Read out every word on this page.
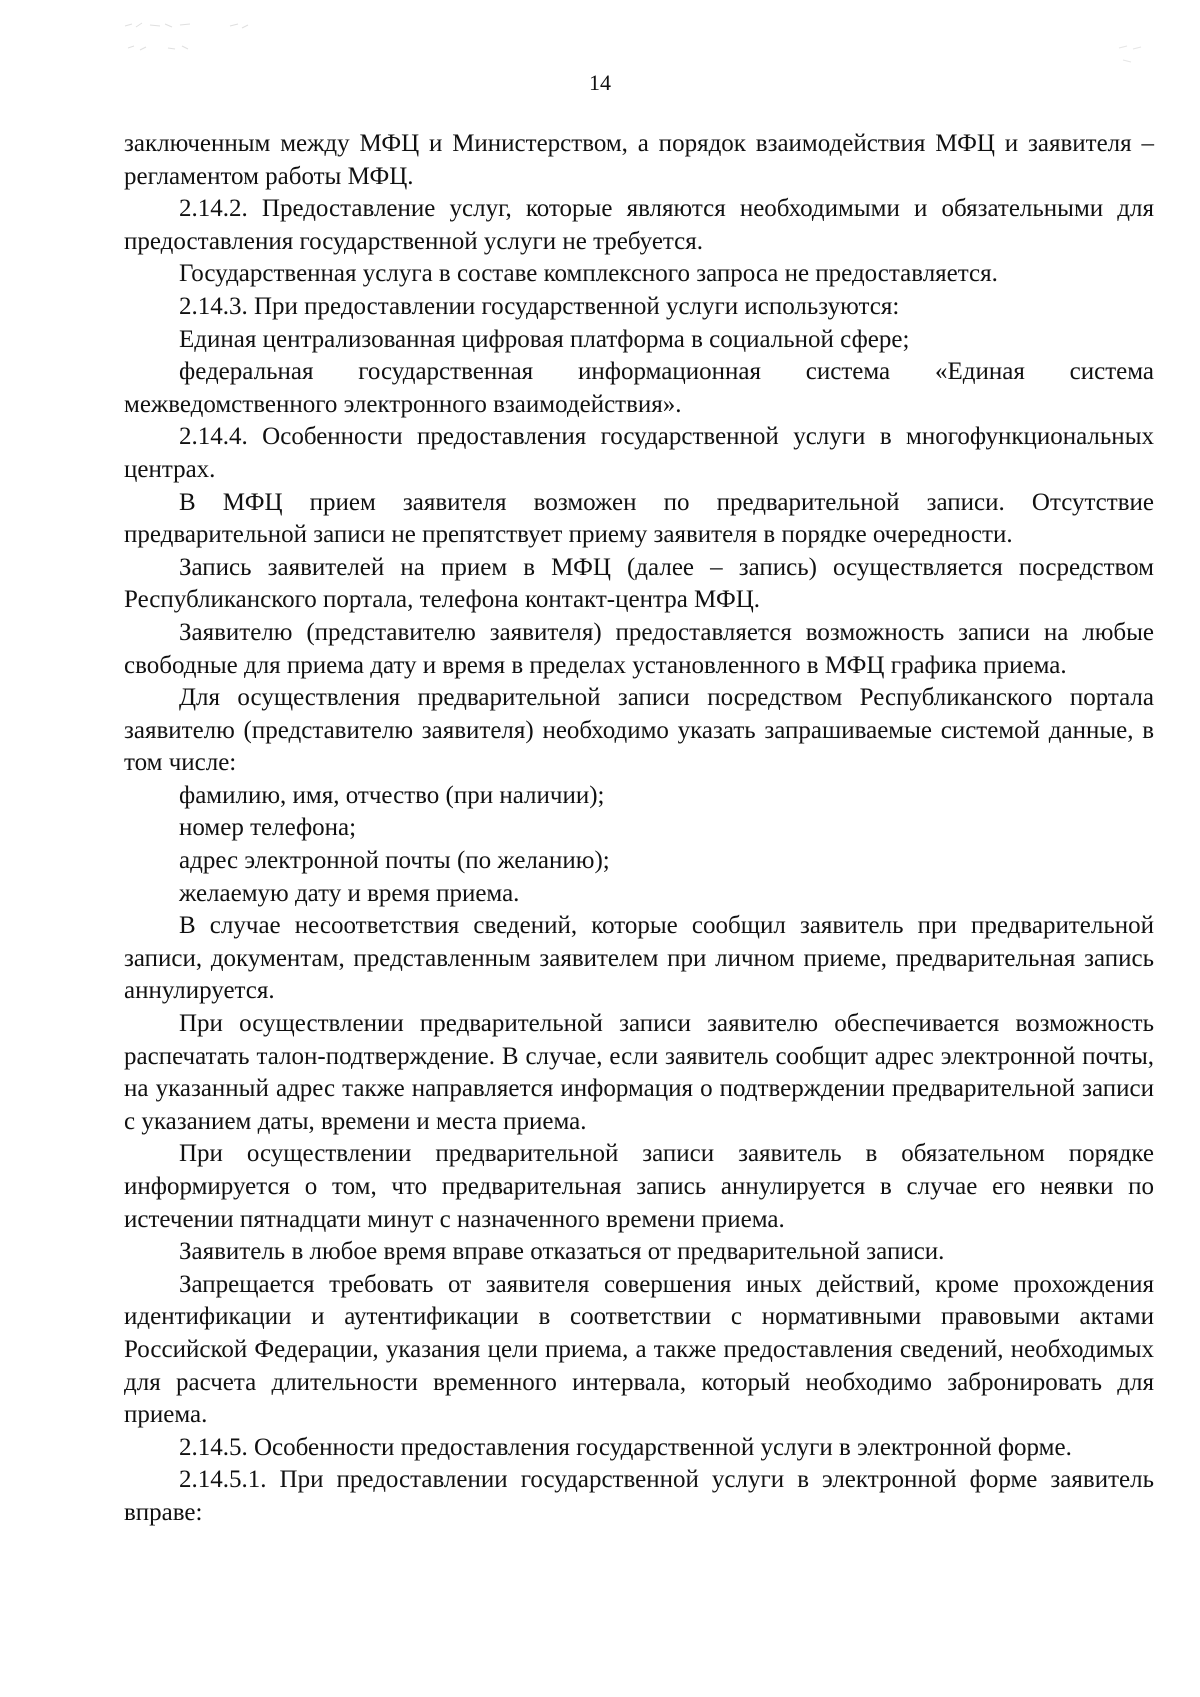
14

заключенным между МФЦ и Министерством, а порядок взаимодействия МФЦ и заявителя – регламентом работы МФЦ.

2.14.2. Предоставление услуг, которые являются необходимыми и обязательными для предоставления государственной услуги не требуется.

Государственная услуга в составе комплексного запроса не предоставляется.

2.14.3. При предоставлении государственной услуги используются:

Единая централизованная цифровая платформа в социальной сфере;

федеральная государственная информационная система «Единая система межведомственного электронного взаимодействия».

2.14.4. Особенности предоставления государственной услуги в многофункциональных центрах.

В МФЦ прием заявителя возможен по предварительной записи. Отсутствие предварительной записи не препятствует приему заявителя в порядке очередности.

Запись заявителей на прием в МФЦ (далее – запись) осуществляется посредством Республиканского портала, телефона контакт-центра МФЦ.

Заявителю (представителю заявителя) предоставляется возможность записи на любые свободные для приема дату и время в пределах установленного в МФЦ графика приема.

Для осуществления предварительной записи посредством Республиканского портала заявителю (представителю заявителя) необходимо указать запрашиваемые системой данные, в том числе:

фамилию, имя, отчество (при наличии);

номер телефона;

адрес электронной почты (по желанию);

желаемую дату и время приема.

В случае несоответствия сведений, которые сообщил заявитель при предварительной записи, документам, представленным заявителем при личном приеме, предварительная запись аннулируется.

При осуществлении предварительной записи заявителю обеспечивается возможность распечатать талон-подтверждение. В случае, если заявитель сообщит адрес электронной почты, на указанный адрес также направляется информация о подтверждении предварительной записи с указанием даты, времени и места приема.

При осуществлении предварительной записи заявитель в обязательном порядке информируется о том, что предварительная запись аннулируется в случае его неявки по истечении пятнадцати минут с назначенного времени приема.

Заявитель в любое время вправе отказаться от предварительной записи.

Запрещается требовать от заявителя совершения иных действий, кроме прохождения идентификации и аутентификации в соответствии с нормативными правовыми актами Российской Федерации, указания цели приема, а также предоставления сведений, необходимых для расчета длительности временного интервала, который необходимо забронировать для приема.

2.14.5. Особенности предоставления государственной услуги в электронной форме.

2.14.5.1. При предоставлении государственной услуги в электронной форме заявитель вправе:
